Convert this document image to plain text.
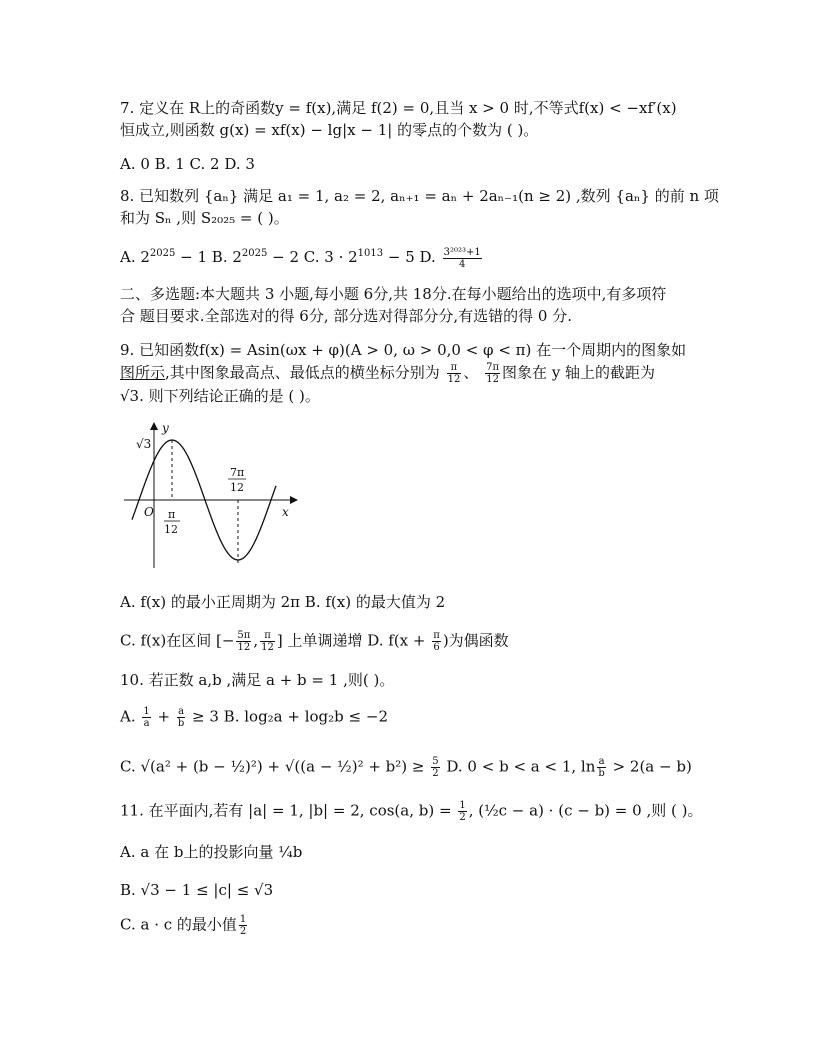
7. 定义在 R上的奇函数y = f(x),满足 f(2) = 0,且当 x > 0 时,不等式f(x) < −xf′(x)
恒成立,则函数 g(x) = xf(x) − lg|x − 1| 的零点的个数为 ( )。
A. 0 B. 1 C. 2 D. 3
8. 已知数列 {aₙ} 满足 a₁ = 1, a₂ = 2, aₙ₊₁ = aₙ + 2aₙ₋₁(n ≥ 2) ,数列 {aₙ} 的前 n 项
和为 Sₙ ,则 S₂₀₂₅ = ( )。
A. $2^{2025} - 1$ B. $2^{2025} - 2$ C. $3 \cdot 2^{1013} - 5$ D. $\frac{\text{3²⁰²³+1}}{4}$
二、多选题:本大题共 3 小题,每小题 6分,共 18分.在每小题给出的选项中,有多项符
合 题目要求.全部选对的得 6分, 部分选对得部分分,有选错的得 0 分.
9. 已知函数f(x) = Asin(ωx + φ)(A > 0, ω > 0,0 < φ < π) 在一个周期内的图象如
图所示,其中图象最高点、最低点的横坐标分别为 $\frac{\pi}{12}$ 、 $\frac{7\pi}{12}$ 图象在 y 轴上的截距为
√3. 则下列结论正确的是 ( )。
y
x
O
√3
π
12
7π
12
A. f(x) 的最小正周期为 2π B. f(x) 的最大值为 2
C. f(x)在区间 [− $\frac{5\pi}{12}$ , $\frac{\pi}{12}$ ] 上单调递增 D. $f(x + \frac{\pi}{6}$ )为偶函数
10. 若正数 a,b ,满足 a + b = 1 ,则( )。
A. $\frac{1}{a} + \frac{a}{b} \ge 3$ B. log₂a + log₂b ≤ −2
C. √(a² + (b − ½)²) + √((a − ½)² + $b^2) \ge \frac{5}{2} D$. 0 < b < a < 1, $\ln \frac{a}{b} > 2(a - b)$
11. 在平面内,若有 |a| = 1, |b| = 2, cos(a, $b) = \frac{1}{2}$ , (½c − a) · (c − b) = 0 ,则 ( )。
A. a 在 b上的投影向量 ¼b
B. √3 − 1 ≤ |c| ≤ √3
C. a · c 的最小值 $\frac{1}{2}$
